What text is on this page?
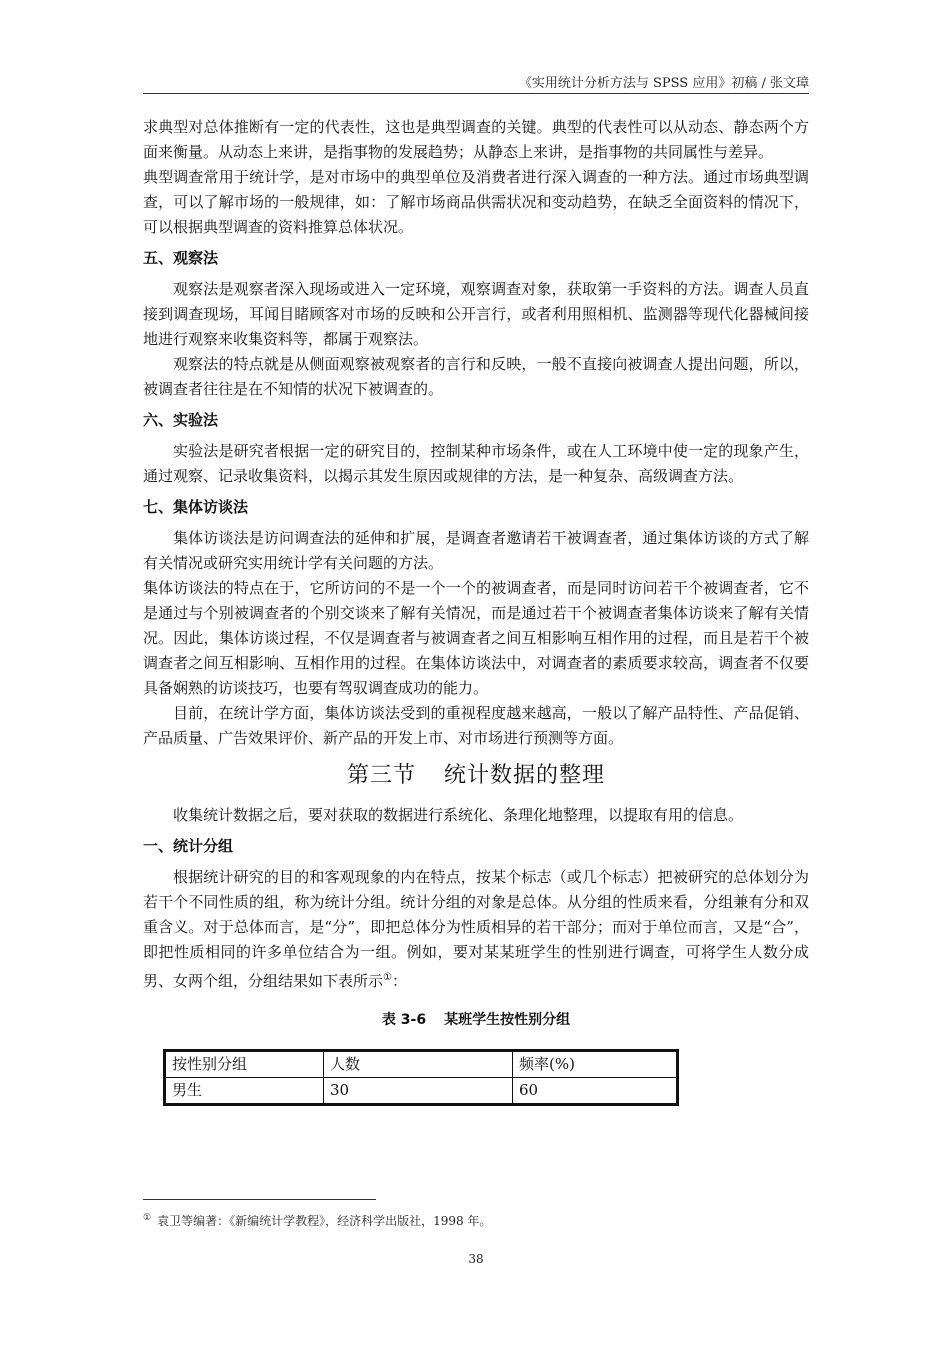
《实用统计分析方法与 SPSS 应用》初稿 / 张文璋

求典型对总体推断有一定的代表性，这也是典型调查的关键。典型的代表性可以从动态、静态两个方面来衡量。从动态上来讲，是指事物的发展趋势；从静态上来讲，是指事物的共同属性与差异。

典型调查常用于统计学，是对市场中的典型单位及消费者进行深入调查的一种方法。通过市场典型调查，可以了解市场的一般规律，如：了解市场商品供需状况和变动趋势，在缺乏全面资料的情况下，可以根据典型调查的资料推算总体状况。

五、观察法

观察法是观察者深入现场或进入一定环境，观察调查对象，获取第一手资料的方法。调查人员直接到调查现场，耳闻目睹顾客对市场的反映和公开言行，或者利用照相机、监测器等现代化器械间接地进行观察来收集资料等，都属于观察法。

观察法的特点就是从侧面观察被观察者的言行和反映，一般不直接向被调查人提出问题，所以，被调查者往往是在不知情的状况下被调查的。

六、实验法

实验法是研究者根据一定的研究目的，控制某种市场条件，或在人工环境中使一定的现象产生，通过观察、记录收集资料，以揭示其发生原因或规律的方法，是一种复杂、高级调查方法。

七、集体访谈法

集体访谈法是访问调查法的延伸和扩展，是调查者邀请若干被调查者，通过集体访谈的方式了解有关情况或研究实用统计学有关问题的方法。

集体访谈法的特点在于，它所访问的不是一个一个的被调查者，而是同时访问若干个被调查者，它不是通过与个别被调查者的个别交谈来了解有关情况，而是通过若干个被调查者集体访谈来了解有关情况。因此，集体访谈过程，不仅是调查者与被调查者之间互相影响互相作用的过程，而且是若干个被调查者之间互相影响、互相作用的过程。在集体访谈法中，对调查者的素质要求较高，调查者不仅要具备娴熟的访谈技巧，也要有驾驭调查成功的能力。

目前，在统计学方面，集体访谈法受到的重视程度越来越高，一般以了解产品特性、产品促销、产品质量、广告效果评价、新产品的开发上市、对市场进行预测等方面。

第三节 统计数据的整理

收集统计数据之后，要对获取的数据进行系统化、条理化地整理，以提取有用的信息。

一、统计分组

根据统计研究的目的和客观现象的内在特点，按某个标志（或几个标志）把被研究的总体划分为若干个不同性质的组，称为统计分组。统计分组的对象是总体。从分组的性质来看，分组兼有分和双重含义。对于总体而言，是“分”，即把总体分为性质相异的若干部分；而对于单位而言，又是“合”，即把性质相同的许多单位结合为一组。例如，要对某某班学生的性别进行调查，可将学生人数分成男、女两个组，分组结果如下表所示①：

表 3-6 某班学生按性别分组
按性别分组	人数	频率(%)
男生	30	60
① 袁卫等编著：《新编统计学教程》，经济科学出版社，1998 年。
38
